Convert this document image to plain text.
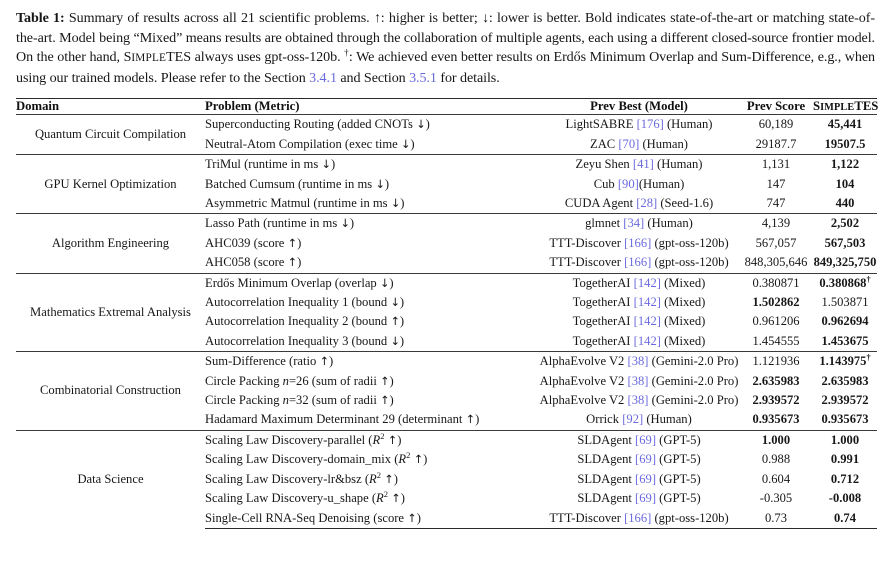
Table 1: Summary of results across all 21 scientific problems. ↑: higher is better; ↓: lower is better. Bold indicates state-of-the-art or matching state-of-the-art. Model being “Mixed” means results are obtained through the collaboration of multiple agents, each using a different closed-source frontier model. On the other hand, SIMPLETES always uses gpt-oss-120b. †: We achieved even better results on Erdős Minimum Overlap and Sum-Difference, e.g., when using our trained models. Please refer to the Section 3.4.1 and Section 3.5.1 for details.

Domain	Problem (Metric)	Prev Best (Model)	Prev Score	SIMPLETES
Quantum Circuit Compilation	Superconducting Routing (added CNOTs ↓)	LightSABRE [176] (Human)	60,189	45,441
	Neutral-Atom Compilation (exec time ↓)	ZAC [70] (Human)	29187.7	19507.5
GPU Kernel Optimization	TriMul (runtime in ms ↓)	Zeyu Shen [41] (Human)	1,131	1,122
	Batched Cumsum (runtime in ms ↓)	Cub [90](Human)	147	104
	Asymmetric Matmul (runtime in ms ↓)	CUDA Agent [28] (Seed-1.6)	747	440
Algorithm Engineering	Lasso Path (runtime in ms ↓)	glmnet [34] (Human)	4,139	2,502
	AHC039 (score ↑)	TTT-Discover [166] (gpt-oss-120b)	567,057	567,503
	AHC058 (score ↑)	TTT-Discover [166] (gpt-oss-120b)	848,305,646	849,325,750
Mathematics Extremal Analysis	Erdős Minimum Overlap (overlap ↓)	TogetherAI [142] (Mixed)	0.380871	0.380868†
	Autocorrelation Inequality 1 (bound ↓)	TogetherAI [142] (Mixed)	1.502862	1.503871
	Autocorrelation Inequality 2 (bound ↑)	TogetherAI [142] (Mixed)	0.961206	0.962694
	Autocorrelation Inequality 3 (bound ↓)	TogetherAI [142] (Mixed)	1.454555	1.453675
Combinatorial Construction	Sum-Difference (ratio ↑)	AlphaEvolve V2 [38] (Gemini-2.0 Pro)	1.121936	1.143975†
	Circle Packing n=26 (sum of radii ↑)	AlphaEvolve V2 [38] (Gemini-2.0 Pro)	2.635983	2.635983
	Circle Packing n=32 (sum of radii ↑)	AlphaEvolve V2 [38] (Gemini-2.0 Pro)	2.939572	2.939572
	Hadamard Maximum Determinant 29 (determinant ↑)	Orrick [92] (Human)	0.935673	0.935673
Data Science	Scaling Law Discovery-parallel ($R^2$ ↑)	SLDAgent [69] (GPT-5)	1.000	1.000
	Scaling Law Discovery-domain_mix ($R^2$ ↑)	SLDAgent [69] (GPT-5)	0.988	0.991
	Scaling Law Discovery-lr&bsz ($R^2$ ↑)	SLDAgent [69] (GPT-5)	0.604	0.712
	Scaling Law Discovery-u_shape ($R^2$ ↑)	SLDAgent [69] (GPT-5)	-0.305	-0.008
	Single-Cell RNA-Seq Denoising (score ↑)	TTT-Discover [166] (gpt-oss-120b)	0.73	0.74
